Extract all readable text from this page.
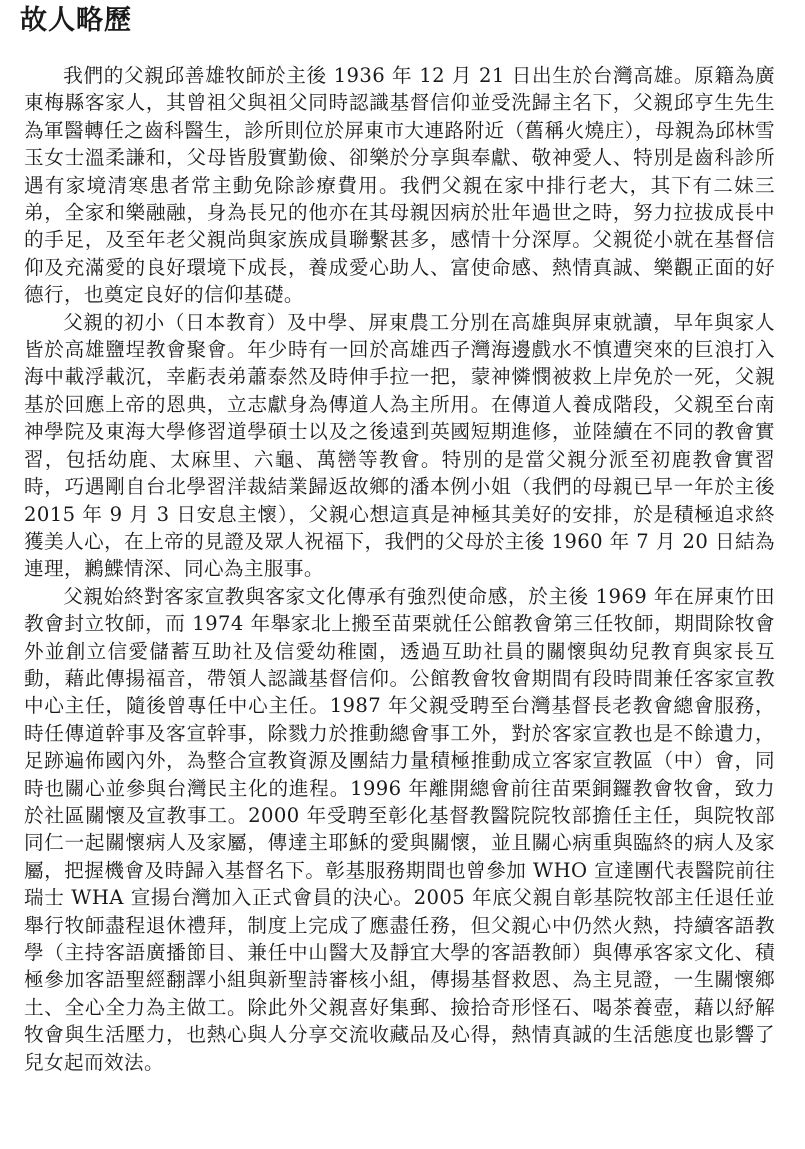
故人略歷

我們的父親邱善雄牧師於主後 1936 年 12 月 21 日出生於台灣高雄。原籍為廣東梅縣客家人，其曾祖父與祖父同時認識基督信仰並受洗歸主名下，父親邱亨生先生為軍醫轉任之齒科醫生，診所則位於屏東市大連路附近（舊稱火燒庄），母親為邱林雪玉女士溫柔謙和，父母皆殷實勤儉、卻樂於分享與奉獻、敬神愛人、特別是齒科診所遇有家境清寒患者常主動免除診療費用。我們父親在家中排行老大，其下有二妹三弟，全家和樂融融，身為長兄的他亦在其母親因病於壯年過世之時，努力拉拔成長中的手足，及至年老父親尚與家族成員聯繫甚多，感情十分深厚。父親從小就在基督信仰及充滿愛的良好環境下成長，養成愛心助人、富使命感、熱情真誠、樂觀正面的好德行，也奠定良好的信仰基礎。

父親的初小（日本教育）及中學、屏東農工分別在高雄與屏東就讀，早年與家人皆於高雄鹽埕教會聚會。年少時有一回於高雄西子灣海邊戲水不慎遭突來的巨浪打入海中載浮載沉，幸虧表弟蕭泰然及時伸手拉一把，蒙神憐憫被救上岸免於一死，父親基於回應上帝的恩典，立志獻身為傳道人為主所用。在傳道人養成階段，父親至台南神學院及東海大學修習道學碩士以及之後遠到英國短期進修，並陸續在不同的教會實習，包括幼鹿、太麻里、六龜、萬巒等教會。特別的是當父親分派至初鹿教會實習時，巧遇剛自台北學習洋裁結業歸返故鄉的潘本例小姐（我們的母親已早一年於主後 2015 年 9 月 3 日安息主懷），父親心想這真是神極其美好的安排，於是積極追求終獲美人心，在上帝的見證及眾人祝福下，我們的父母於主後 1960 年 7 月 20 日結為連理，鶼鰈情深、同心為主服事。

父親始終對客家宣教與客家文化傳承有強烈使命感，於主後 1969 年在屏東竹田教會封立牧師，而 1974 年舉家北上搬至苗栗就任公館教會第三任牧師，期間除牧會外並創立信愛儲蓄互助社及信愛幼稚園，透過互助社員的關懷與幼兒教育與家長互動，藉此傳揚福音，帶領人認識基督信仰。公館教會牧會期間有段時間兼任客家宣教中心主任，隨後曾專任中心主任。1987 年父親受聘至台灣基督長老教會總會服務，時任傳道幹事及客宣幹事，除戮力於推動總會事工外，對於客家宣教也是不餘遺力，足跡遍佈國內外，為整合宣教資源及團結力量積極推動成立客家宣教區（中）會，同時也關心並參與台灣民主化的進程。1996 年離開總會前往苗栗銅鑼教會牧會，致力於社區關懷及宣教事工。2000 年受聘至彰化基督教醫院院牧部擔任主任，與院牧部同仁一起關懷病人及家屬，傳達主耶穌的愛與關懷，並且關心病重與臨終的病人及家屬，把握機會及時歸入基督名下。彰基服務期間也曾參加 WHO 宣達團代表醫院前往瑞士 WHA 宣揚台灣加入正式會員的決心。2005 年底父親自彰基院牧部主任退任並舉行牧師盡程退休禮拜，制度上完成了應盡任務，但父親心中仍然火熱，持續客語教學（主持客語廣播節目、兼任中山醫大及靜宜大學的客語教師）與傳承客家文化、積極參加客語聖經翻譯小組與新聖詩審核小組，傳揚基督救恩、為主見證，一生關懷鄉土、全心全力為主做工。除此外父親喜好集郵、撿拾奇形怪石、喝茶養壺，藉以紓解牧會與生活壓力，也熱心與人分享交流收藏品及心得，熱情真誠的生活態度也影響了兒女起而效法。
